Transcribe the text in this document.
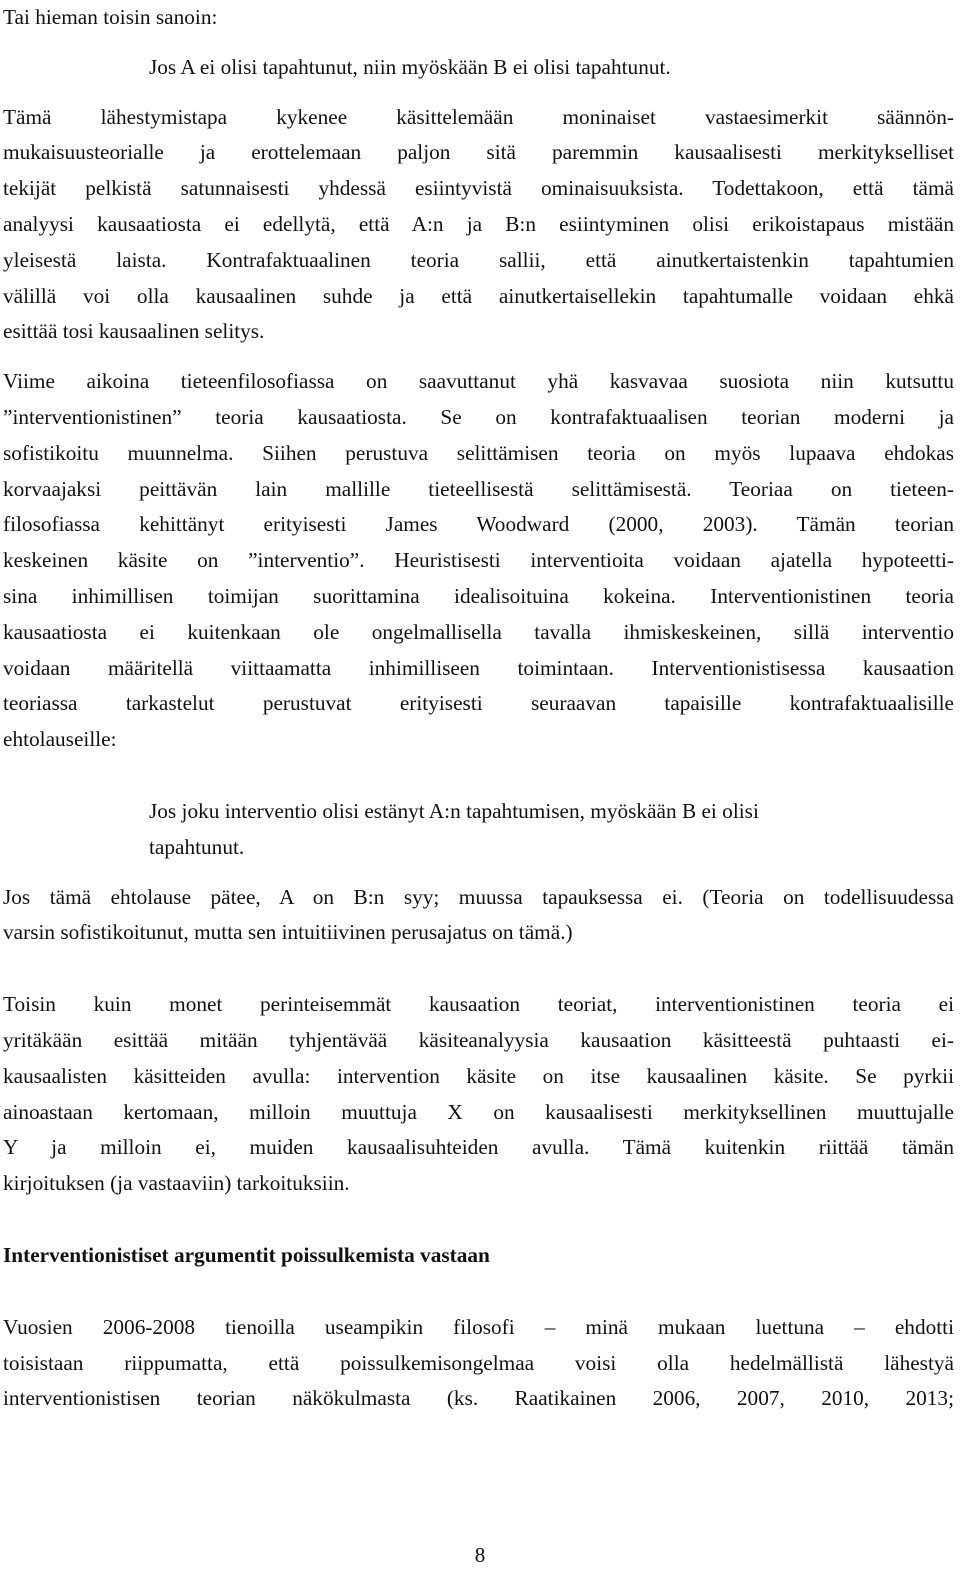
Tai hieman toisin sanoin:
Jos A ei olisi tapahtunut, niin myöskään B ei olisi tapahtunut.
Tämä lähestymistapa kykenee käsittelemään moninaiset vastaesimerkit säännön-
mukaisuusteorialle ja erottelemaan paljon sitä paremmin kausaalisesti merkitykselliset
tekijät pelkistä satunnaisesti yhdessä esiintyvistä ominaisuuksista. Todettakoon, että tämä
analyysi kausaatiosta ei edellytä, että A:n ja B:n esiintyminen olisi erikoistapaus mistään
yleisestä laista. Kontrafaktuaalinen teoria sallii, että ainutkertaistenkin tapahtumien
välillä voi olla kausaalinen suhde ja että ainutkertaisellekin tapahtumalle voidaan ehkä
esittää tosi kausaalinen selitys.
Viime aikoina tieteenfilosofiassa on saavuttanut yhä kasvavaa suosiota niin kutsuttu
”interventionistinen” teoria kausaatiosta. Se on kontrafaktuaalisen teorian moderni ja
sofistikoitu muunnelma. Siihen perustuva selittämisen teoria on myös lupaava ehdokas
korvaajaksi peittävän lain mallille tieteellisestä selittämisestä. Teoriaa on tieteen-
filosofiassa kehittänyt erityisesti James Woodward (2000, 2003). Tämän teorian
keskeinen käsite on ”interventio”. Heuristisesti interventioita voidaan ajatella hypoteetti-
sina inhimillisen toimijan suorittamina idealisoituina kokeina. Interventionistinen teoria
kausaatiosta ei kuitenkaan ole ongelmallisella tavalla ihmiskeskeinen, sillä interventio
voidaan määritellä viittaamatta inhimilliseen toimintaan. Interventionistisessa kausaation
teoriassa tarkastelut perustuvat erityisesti seuraavan tapaisille kontrafaktuaalisille
ehtolauseille:
Jos joku interventio olisi estänyt A:n tapahtumisen, myöskään B ei olisi
tapahtunut.
Jos tämä ehtolause pätee, A on B:n syy; muussa tapauksessa ei. (Teoria on todellisuudessa
varsin sofistikoitunut, mutta sen intuitiivinen perusajatus on tämä.)
Toisin kuin monet perinteisemmät kausaation teoriat, interventionistinen teoria ei
yritäkään esittää mitään tyhjentävää käsiteanalyysia kausaation käsitteestä puhtaasti ei-
kausaalisten käsitteiden avulla: intervention käsite on itse kausaalinen käsite. Se pyrkii
ainoastaan kertomaan, milloin muuttuja X on kausaalisesti merkityksellinen muuttujalle
Y ja milloin ei, muiden kausaalisuhteiden avulla. Tämä kuitenkin riittää tämän
kirjoituksen (ja vastaaviin) tarkoituksiin.
Interventionistiset argumentit poissulkemista vastaan
Vuosien 2006-2008 tienoilla useampikin filosofi – minä mukaan luettuna – ehdotti
toisistaan riippumatta, että poissulkemisongelmaa voisi olla hedelmällistä lähestyä
interventionistisen teorian näkökulmasta (ks. Raatikainen 2006, 2007, 2010, 2013;
8
